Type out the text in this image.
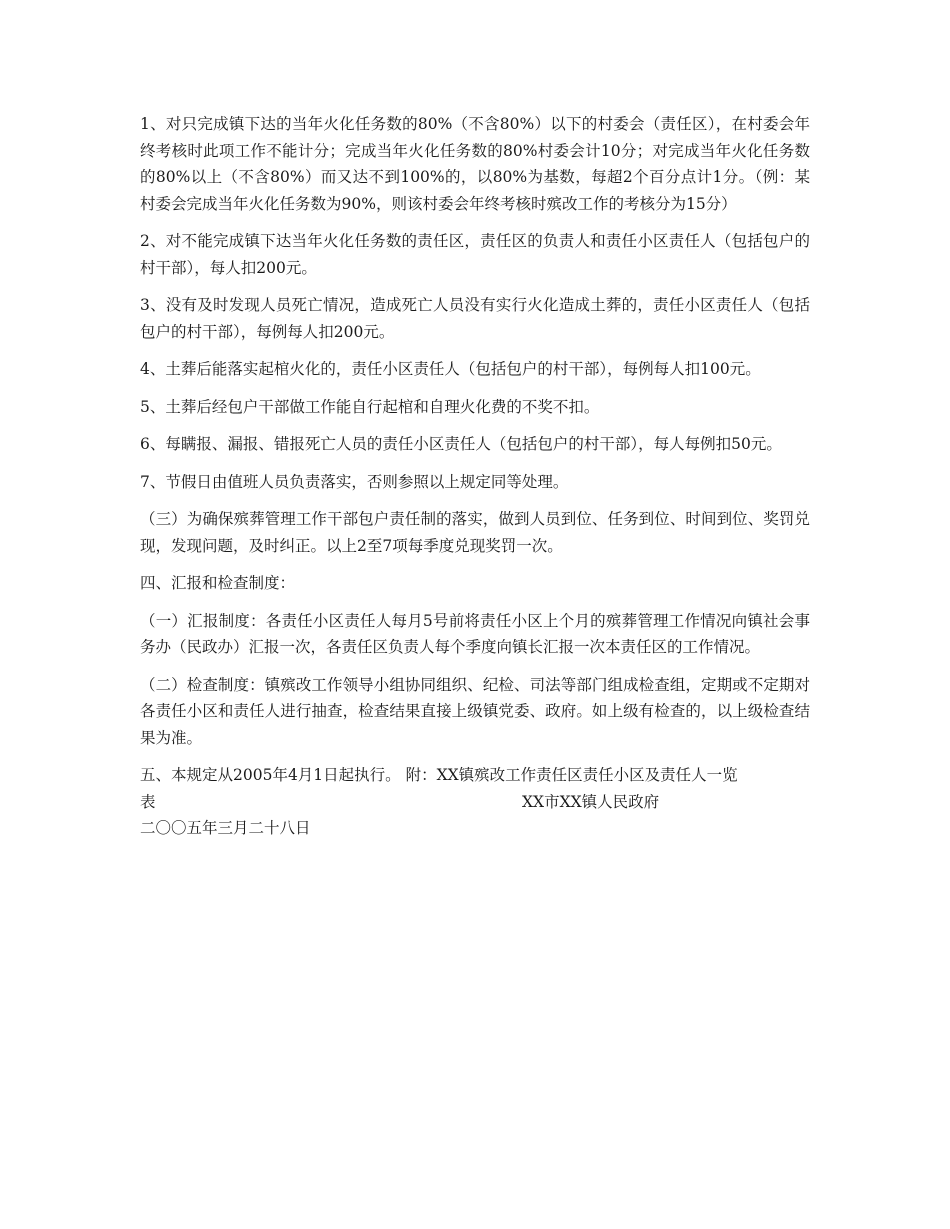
1、对只完成镇下达的当年火化任务数的80%（不含80%）以下的村委会（责任区），在村委会年终考核时此项工作不能计分；完成当年火化任务数的80%村委会计10分；对完成当年火化任务数的80%以上（不含80%）而又达不到100%的，以80%为基数，每超2个百分点计1分。（例：某村委会完成当年火化任务数为90%，则该村委会年终考核时殡改工作的考核分为15分）

2、对不能完成镇下达当年火化任务数的责任区，责任区的负责人和责任小区责任人（包括包户的村干部），每人扣200元。

3、没有及时发现人员死亡情况，造成死亡人员没有实行火化造成土葬的，责任小区责任人（包括包户的村干部），每例每人扣200元。

4、土葬后能落实起棺火化的，责任小区责任人（包括包户的村干部），每例每人扣100元。

5、土葬后经包户干部做工作能自行起棺和自理火化费的不奖不扣。

6、每瞒报、漏报、错报死亡人员的责任小区责任人（包括包户的村干部），每人每例扣50元。

7、节假日由值班人员负责落实，否则参照以上规定同等处理。

（三）为确保殡葬管理工作干部包户责任制的落实，做到人员到位、任务到位、时间到位、奖罚兑现，发现问题，及时纠正。以上2至7项每季度兑现奖罚一次。

四、汇报和检查制度：

（一）汇报制度：各责任小区责任人每月5号前将责任小区上个月的殡葬管理工作情况向镇社会事务办（民政办）汇报一次，各责任区负责人每个季度向镇长汇报一次本责任区的工作情况。

（二）检查制度：镇殡改工作领导小组协同组织、纪检、司法等部门组成检查组，定期或不定期对各责任小区和责任人进行抽查，检查结果直接上级镇党委、政府。如上级有检查的，以上级检查结果为准。

五、本规定从2005年4月1日起执行。 附：XX镇殡改工作责任区责任小区及责任人一览

表	XX市XX镇人民政府

二〇〇五年三月二十八日
